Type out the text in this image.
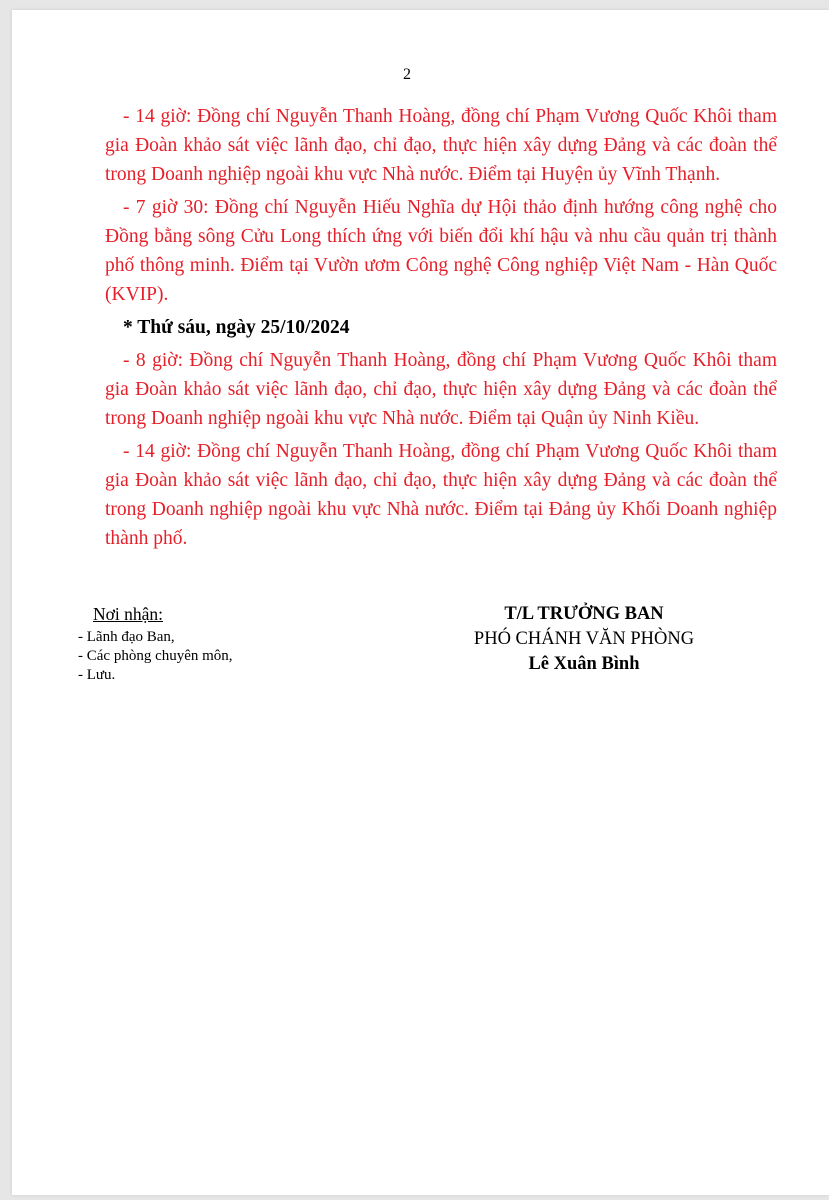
2

- 14 giờ: Đồng chí Nguyễn Thanh Hoàng, đồng chí Phạm Vương Quốc Khôi tham gia Đoàn khảo sát việc lãnh đạo, chỉ đạo, thực hiện xây dựng Đảng và các đoàn thể trong Doanh nghiệp ngoài khu vực Nhà nước. Điểm tại Huyện ủy Vĩnh Thạnh.

- 7 giờ 30: Đồng chí Nguyễn Hiếu Nghĩa dự Hội thảo định hướng công nghệ cho Đồng bằng sông Cửu Long thích ứng với biến đổi khí hậu và nhu cầu quản trị thành phố thông minh. Điểm tại Vườn ươm Công nghệ Công nghiệp Việt Nam - Hàn Quốc (KVIP).

* Thứ sáu, ngày 25/10/2024

- 8 giờ: Đồng chí Nguyễn Thanh Hoàng, đồng chí Phạm Vương Quốc Khôi tham gia Đoàn khảo sát việc lãnh đạo, chỉ đạo, thực hiện xây dựng Đảng và các đoàn thể trong Doanh nghiệp ngoài khu vực Nhà nước. Điểm tại Quận ủy Ninh Kiều.

- 14 giờ: Đồng chí Nguyễn Thanh Hoàng, đồng chí Phạm Vương Quốc Khôi tham gia Đoàn khảo sát việc lãnh đạo, chỉ đạo, thực hiện xây dựng Đảng và các đoàn thể trong Doanh nghiệp ngoài khu vực Nhà nước. Điểm tại Đảng ủy Khối Doanh nghiệp thành phố.

Nơi nhận:
- Lãnh đạo Ban,
- Các phòng chuyên môn,
- Lưu.
T/L TRƯỞNG BAN
PHÓ CHÁNH VĂN PHÒNG
Lê Xuân Bình
